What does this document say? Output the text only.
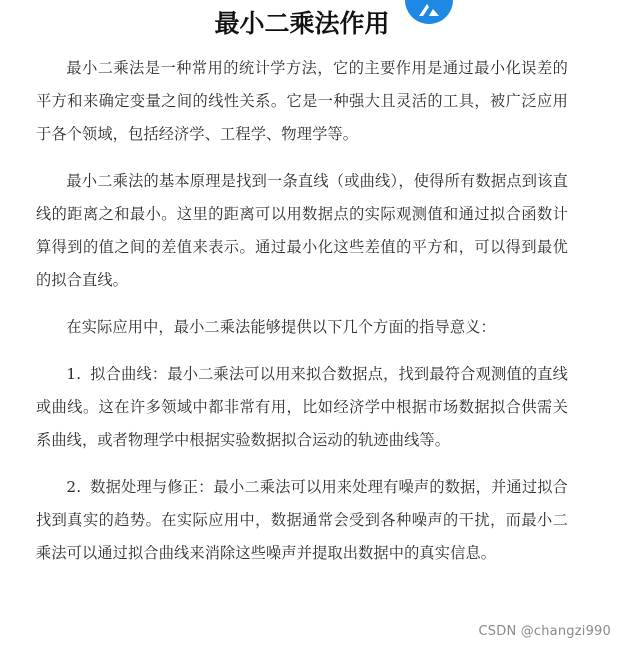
最小二乘法作用

最小二乘法是一种常用的统计学方法，它的主要作用是通过最小化误差的平方和来确定变量之间的线性关系。它是一种强大且灵活的工具，被广泛应用于各个领域，包括经济学、工程学、物理学等。

最小二乘法的基本原理是找到一条直线（或曲线），使得所有数据点到该直线的距离之和最小。这里的距离可以用数据点的实际观测值和通过拟合函数计算得到的值之间的差值来表示。通过最小化这些差值的平方和，可以得到最优的拟合直线。

在实际应用中，最小二乘法能够提供以下几个方面的指导意义：

1. 拟合曲线：最小二乘法可以用来拟合数据点，找到最符合观测值的直线或曲线。这在许多领域中都非常有用，比如经济学中根据市场数据拟合供需关系曲线，或者物理学中根据实验数据拟合运动的轨迹曲线等。

2. 数据处理与修正：最小二乘法可以用来处理有噪声的数据，并通过拟合找到真实的趋势。在实际应用中，数据通常会受到各种噪声的干扰，而最小二乘法可以通过拟合曲线来消除这些噪声并提取出数据中的真实信息。

CSDN @changzi990
